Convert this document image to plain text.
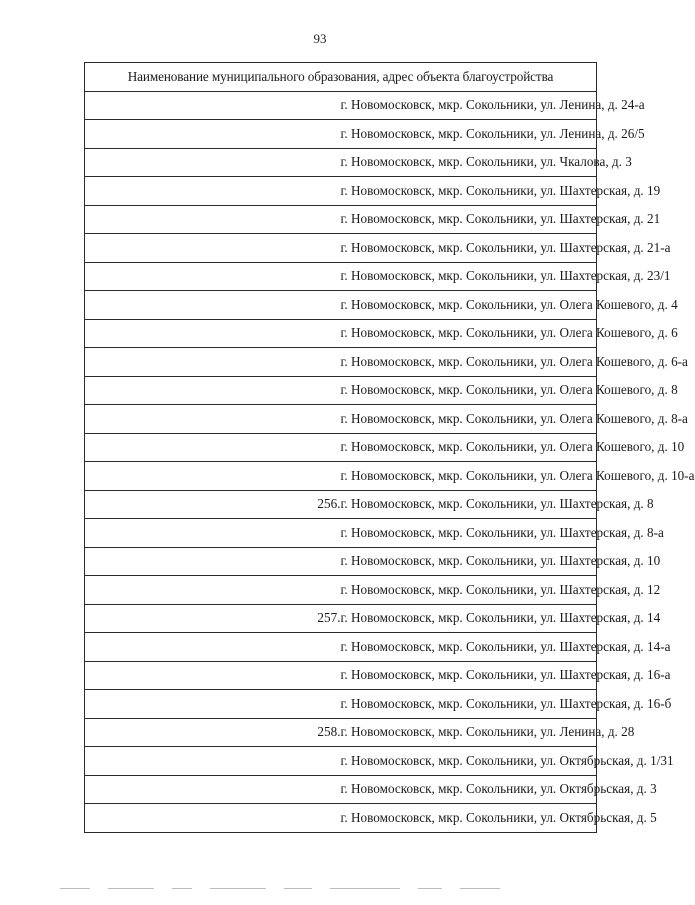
93
Наименование муниципального образования, адрес объекта благоустройства	
	г. Новомосковск, мкр. Сокольники, ул. Ленина, д. 24-а
	г. Новомосковск, мкр. Сокольники, ул. Ленина, д. 26/5
	г. Новомосковск, мкр. Сокольники, ул. Чкалова, д. 3
	г. Новомосковск, мкр. Сокольники, ул. Шахтерская, д. 19
	г. Новомосковск, мкр. Сокольники, ул. Шахтерская, д. 21
	г. Новомосковск, мкр. Сокольники, ул. Шахтерская, д. 21-а
	г. Новомосковск, мкр. Сокольники, ул. Шахтерская, д. 23/1
	г. Новомосковск, мкр. Сокольники, ул. Олега Кошевого, д. 4
	г. Новомосковск, мкр. Сокольники, ул. Олега Кошевого, д. 6
	г. Новомосковск, мкр. Сокольники, ул. Олега Кошевого, д. 6-а
	г. Новомосковск, мкр. Сокольники, ул. Олега Кошевого, д. 8
	г. Новомосковск, мкр. Сокольники, ул. Олега Кошевого, д. 8-а
	г. Новомосковск, мкр. Сокольники, ул. Олега Кошевого, д. 10
	г. Новомосковск, мкр. Сокольники, ул. Олега Кошевого, д. 10-а
256.	г. Новомосковск, мкр. Сокольники, ул. Шахтерская, д. 8
	г. Новомосковск, мкр. Сокольники, ул. Шахтерская, д. 8-а
	г. Новомосковск, мкр. Сокольники, ул. Шахтерская, д. 10
	г. Новомосковск, мкр. Сокольники, ул. Шахтерская, д. 12
257.	г. Новомосковск, мкр. Сокольники, ул. Шахтерская, д. 14
	г. Новомосковск, мкр. Сокольники, ул. Шахтерская, д. 14-а
	г. Новомосковск, мкр. Сокольники, ул. Шахтерская, д. 16-а
	г. Новомосковск, мкр. Сокольники, ул. Шахтерская, д. 16-б
258.	г. Новомосковск, мкр. Сокольники, ул. Ленина, д. 28
	г. Новомосковск, мкр. Сокольники, ул. Октябрьская, д. 1/31
	г. Новомосковск, мкр. Сокольники, ул. Октябрьская, д. 3
	г. Новомосковск, мкр. Сокольники, ул. Октябрьская, д. 5
